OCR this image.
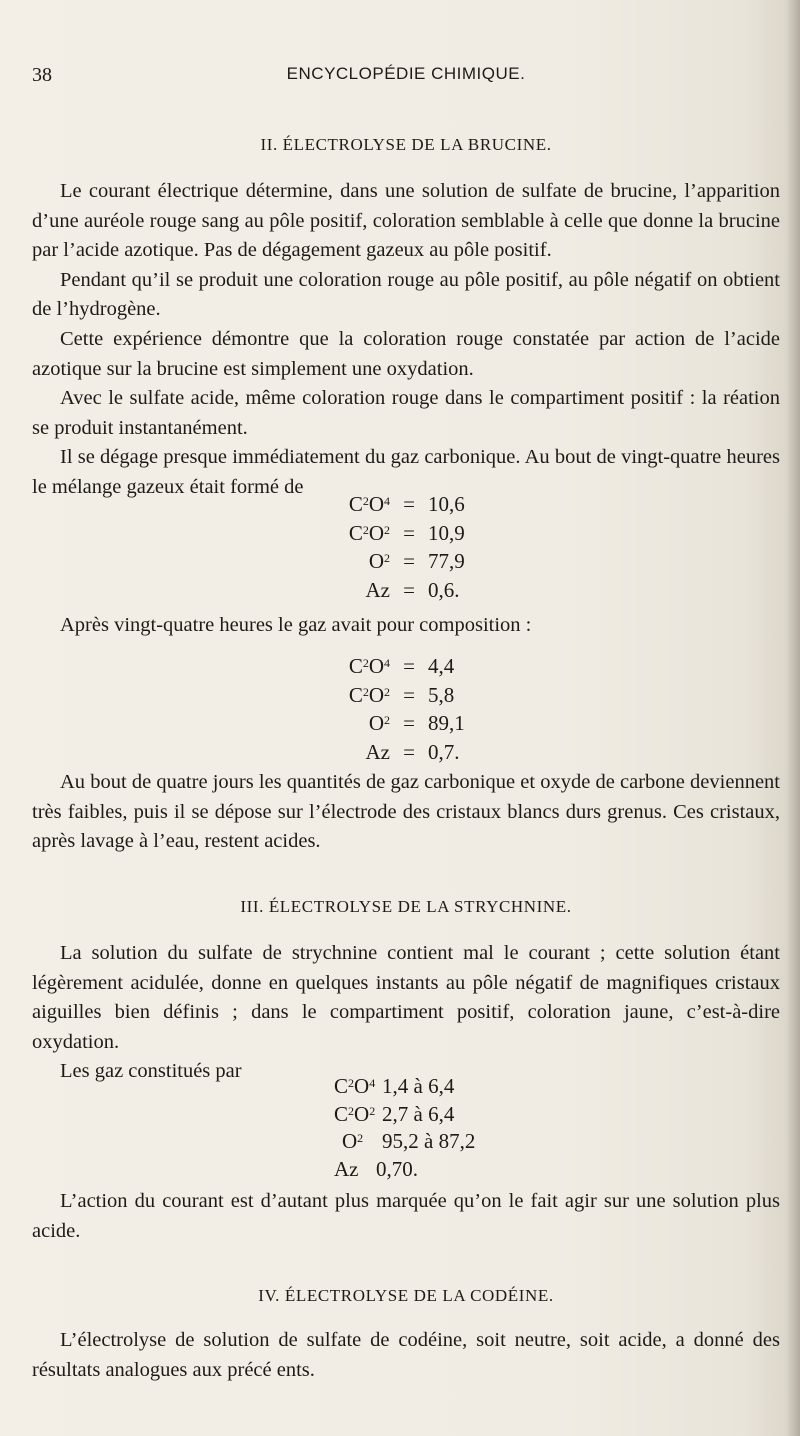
38	ENCYCLOPÉDIE CHIMIQUE.
II. ÉLECTROLYSE DE LA BRUCINE.

Le courant électrique détermine, dans une solution de sulfate de brucine, l’apparition d’une auréole rouge sang au pôle positif, coloration semblable à celle que donne la brucine par l’acide azotique. Pas de dégagement gazeux au pôle positif.

Pendant qu’il se produit une coloration rouge au pôle positif, au pôle négatif on obtient de l’hydrogène.

Cette expérience démontre que la coloration rouge constatée par action de l’acide azotique sur la brucine est simplement une oxydation.

Avec le sulfate acide, même coloration rouge dans le compartiment positif : la réation se produit instantanément.

Il se dégage presque immédiatement du gaz carbonique. Au bout de vingt-quatre heures le mélange gazeux était formé de

$C^2O^4 = 10,6$
$C^2O^2 = 10,9$
$O^2 = 77,9$
Az = 0,6.

Après vingt-quatre heures le gaz avait pour composition :

$C^2O^4 = 4,4$
$C^2O^2 = 5,8$
$O^2 = 89,1$
Az = 0,7.

Au bout de quatre jours les quantités de gaz carbonique et oxyde de carbone deviennent très faibles, puis il se dépose sur l’électrode des cristaux blancs durs grenus. Ces cristaux, après lavage à l’eau, restent acides.

III. ÉLECTROLYSE DE LA STRYCHNINE.

La solution du sulfate de strychnine contient mal le courant ; cette solution étant légèrement acidulée, donne en quelques instants au pôle négatif de magnifiques cristaux aiguilles bien définis ; dans le compartiment positif, coloration jaune, c’est-à-dire oxydation.

Les gaz constitués par

$C^2O^4$ 1,4 à 6,4
$C^2O^2$ 2,7 à 6,4
$O^2$ 95,2 à 87,2
Az 0,70.

L’action du courant est d’autant plus marquée qu’on le fait agir sur une solution plus acide.

IV. ÉLECTROLYSE DE LA CODÉINE.

L’électrolyse de solution de sulfate de codéine, soit neutre, soit acide, a donné des résultats analogues aux précé ents.
